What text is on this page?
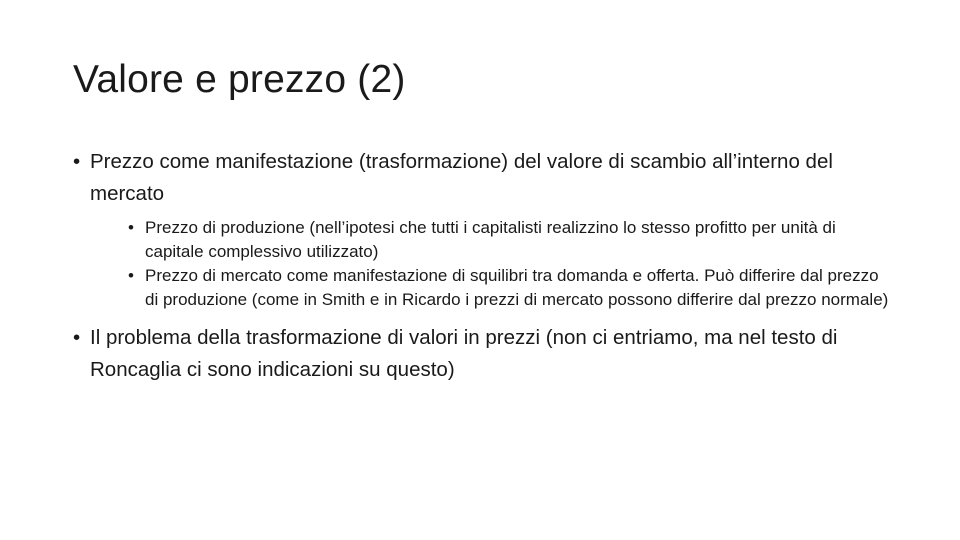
Valore e prezzo (2)
• Prezzo come manifestazione (trasformazione) del valore di scambio all’interno del mercato
• Prezzo di produzione (nell’ipotesi che tutti i capitalisti realizzino lo stesso profitto per unità di capitale complessivo utilizzato)
• Prezzo di mercato come manifestazione di squilibri tra domanda e offerta. Può differire dal prezzo di produzione (come in Smith e in Ricardo i prezzi di mercato possono differire dal prezzo normale)
• Il problema della trasformazione di valori in prezzi (non ci entriamo, ma nel testo di Roncaglia ci sono indicazioni su questo)
